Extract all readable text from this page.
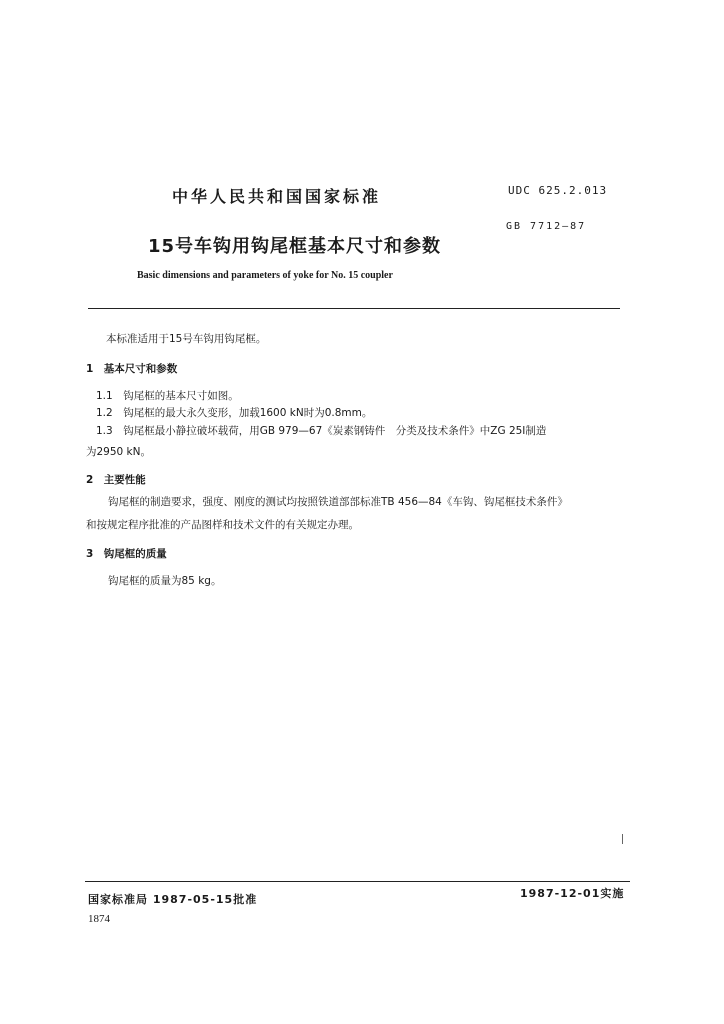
中华人民共和国国家标准	UDC 625.2.013
GB 7712—87
15号车钩用钩尾框基本尺寸和参数
Basic dimensions and parameters of yoke for No. 15 coupler
本标准适用于15号车钩用钩尾框。
1　基本尺寸和参数
1.1　钩尾框的基本尺寸如图。
1.2　钩尾框的最大永久变形，加载1600 kN时为0.8mm。
1.3　钩尾框最小静拉破坏载荷，用GB 979—67《炭素钢铸件　分类及技术条件》中ZG 25Ⅰ制造
为2950 kN。
2　主要性能
钩尾框的制造要求，强度、刚度的测试均按照铁道部部标准TB 456—84《车钩、钩尾框技术条件》
和按规定程序批准的产品图样和技术文件的有关规定办理。
3　钩尾框的质量
钩尾框的质量为85 kg。
国家标准局 1987-05-15批准	1987-12-01实施
1874
